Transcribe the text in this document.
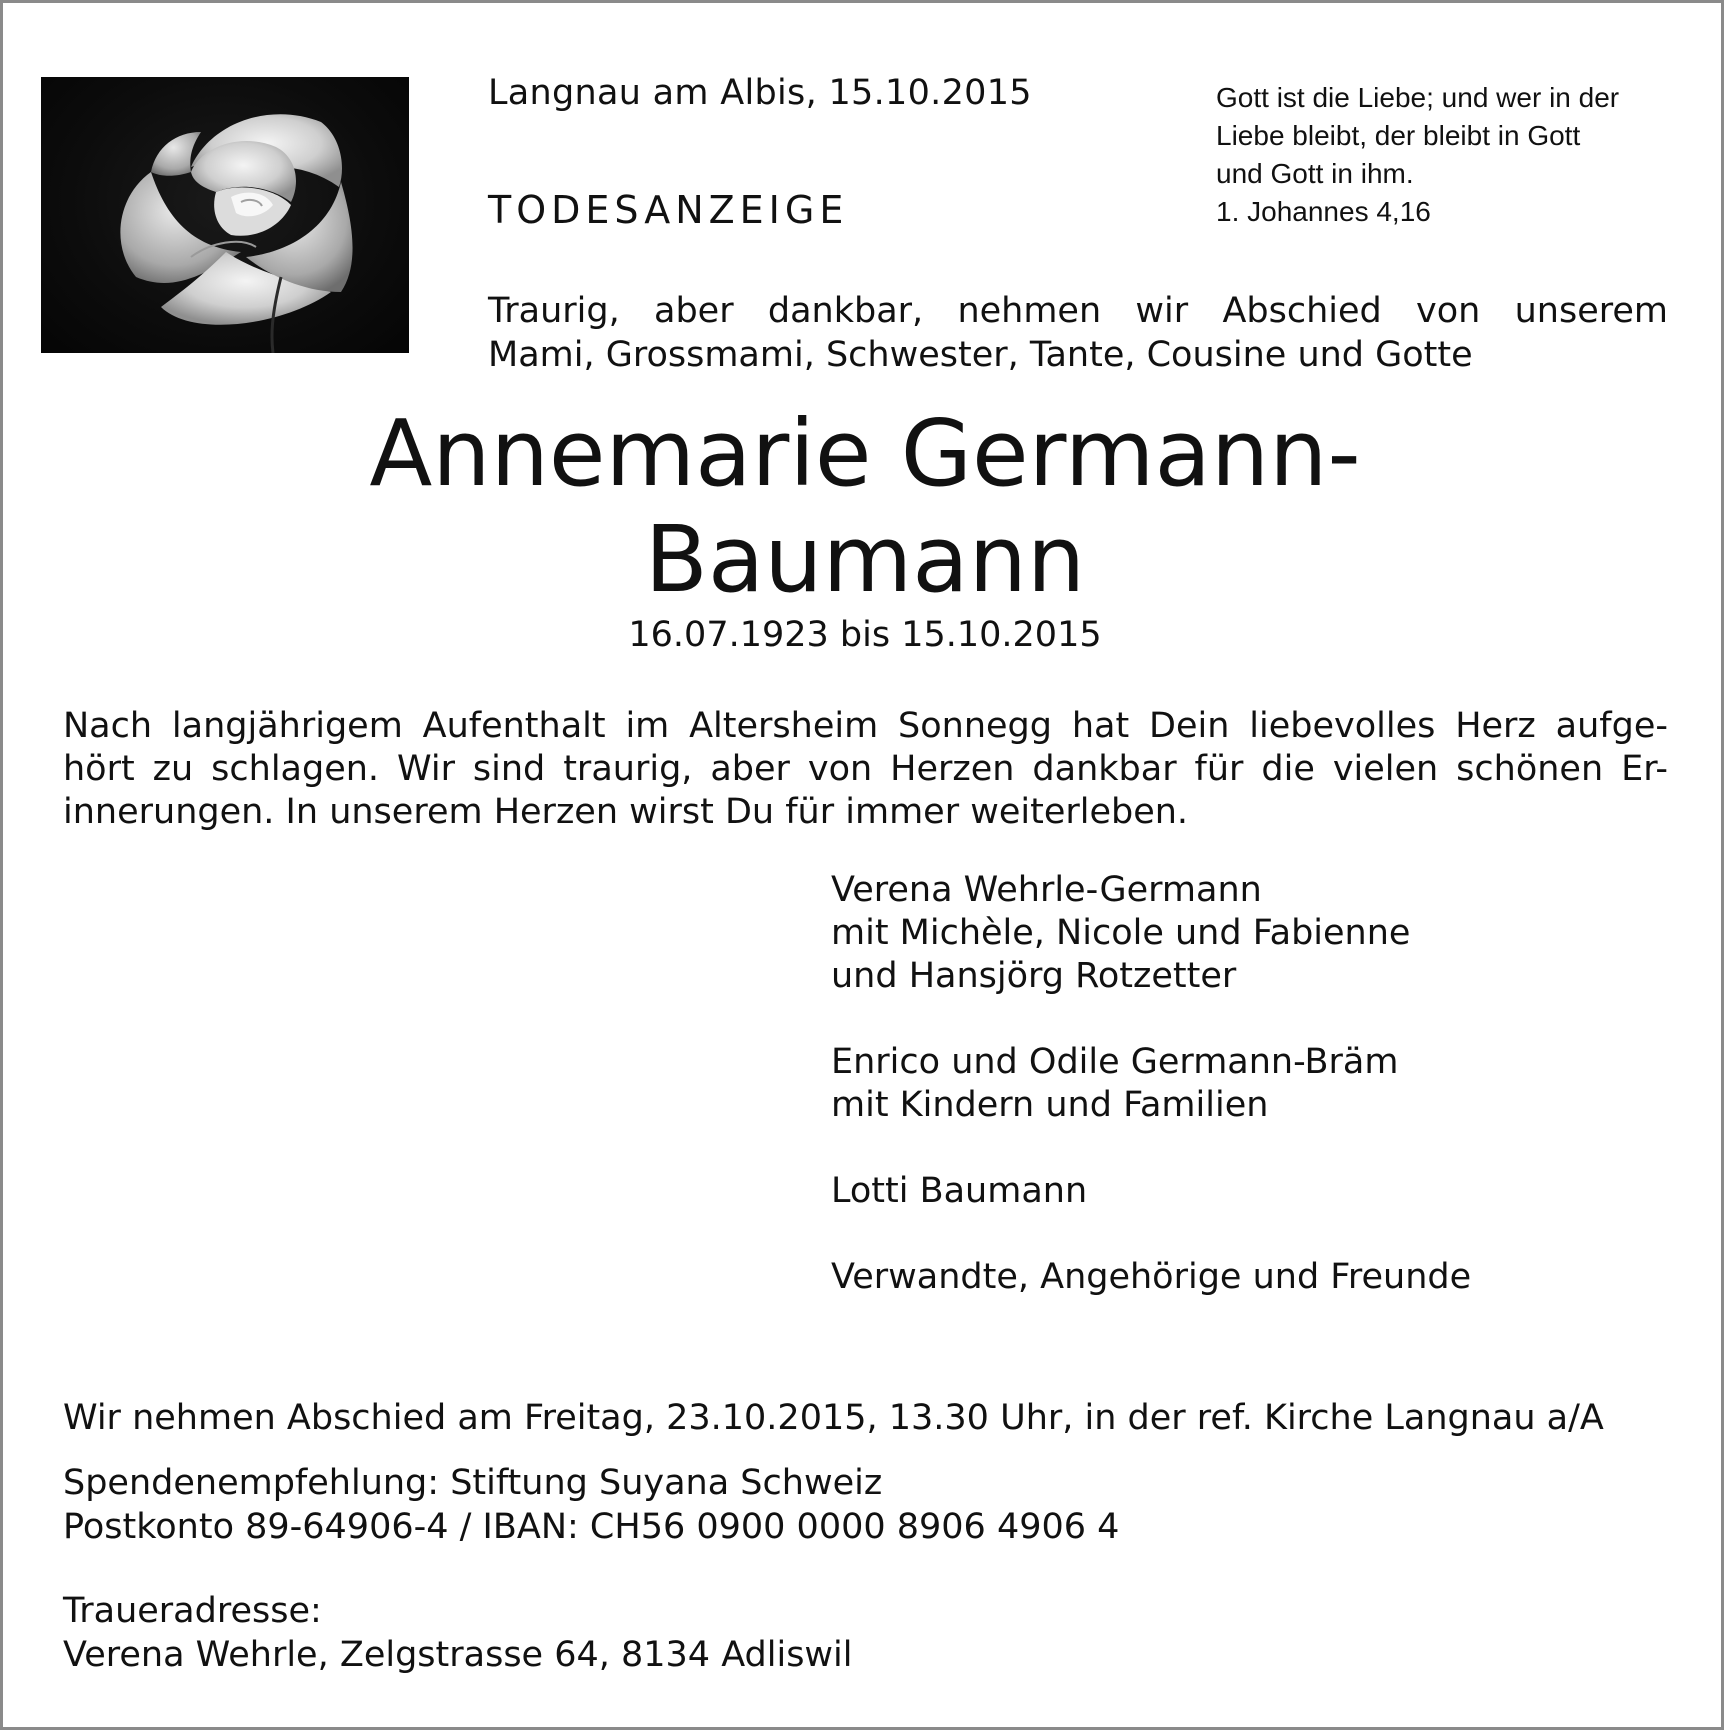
Langnau am Albis, 15.10.2015
TODESANZEIGE
Gott ist die Liebe; und wer in der
Liebe bleibt, der bleibt in Gott
und Gott in ihm.
1. Johannes 4,16
Traurig, aber dankbar, nehmen wir Abschied von unserem
Mami, Grossmami, Schwester, Tante, Cousine und Gotte
Annemarie Germann-
Baumann
16.07.1923 bis 15.10.2015
Nach langjährigem Aufenthalt im Altersheim Sonnegg hat Dein liebevolles Herz aufge-
hört zu schlagen. Wir sind traurig, aber von Herzen dankbar für die vielen schönen Er-
innerungen. In unserem Herzen wirst Du für immer weiterleben.
Verena Wehrle-Germann
mit Michèle, Nicole und Fabienne
und Hansjörg Rotzetter
Enrico und Odile Germann-Bräm
mit Kindern und Familien
Lotti Baumann
Verwandte, Angehörige und Freunde
Wir nehmen Abschied am Freitag, 23.10.2015, 13.30 Uhr, in der ref. Kirche Langnau a/A
Spendenempfehlung: Stiftung Suyana Schweiz
Postkonto 89-64906-4 / IBAN: CH56 0900 0000 8906 4906 4
Traueradresse:
Verena Wehrle, Zelgstrasse 64, 8134 Adliswil
